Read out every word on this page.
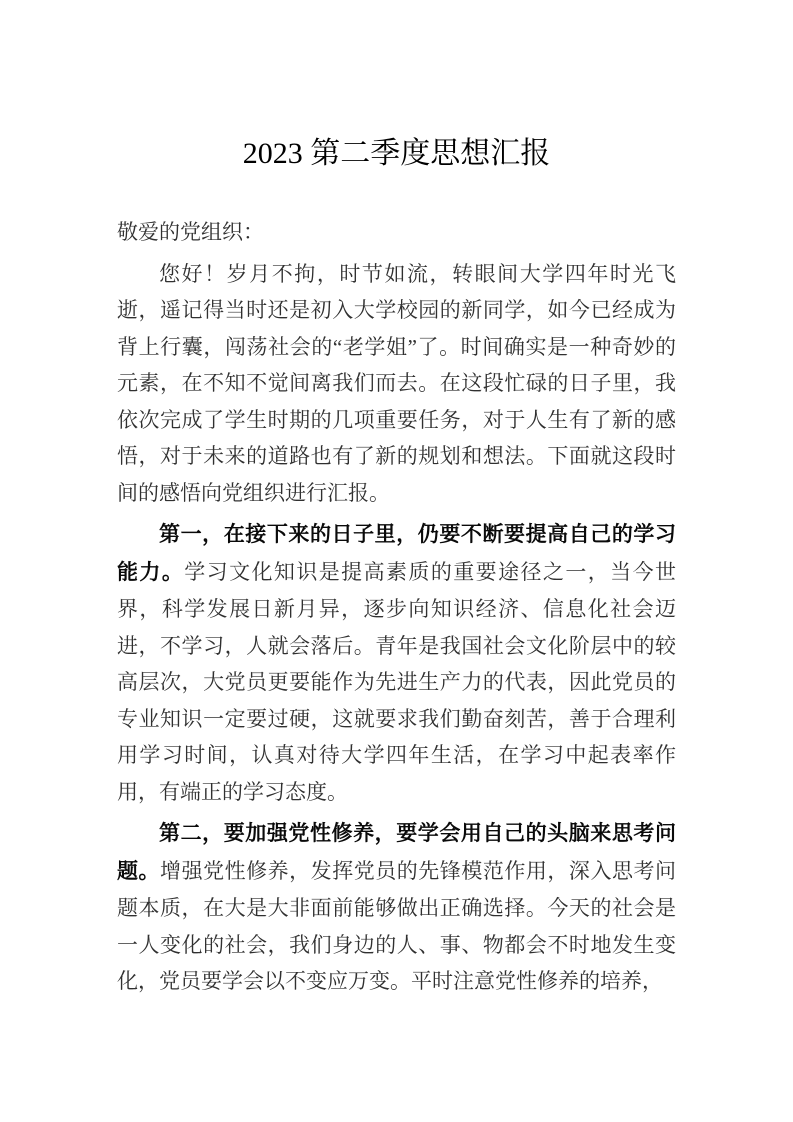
2023 第二季度思想汇报

敬爱的党组织：

您好！岁月不拘，时节如流，转眼间大学四年时光飞逝，遥记得当时还是初入大学校园的新同学，如今已经成为背上行囊，闯荡社会的“老学姐”了。时间确实是一种奇妙的元素，在不知不觉间离我们而去。在这段忙碌的日子里，我依次完成了学生时期的几项重要任务，对于人生有了新的感悟，对于未来的道路也有了新的规划和想法。下面就这段时间的感悟向党组织进行汇报。

第一，在接下来的日子里，仍要不断要提高自己的学习能力。学习文化知识是提高素质的重要途径之一，当今世界，科学发展日新月异，逐步向知识经济、信息化社会迈进，不学习，人就会落后。青年是我国社会文化阶层中的较高层次，大党员更要能作为先进生产力的代表，因此党员的专业知识一定要过硬，这就要求我们勤奋刻苦，善于合理利用学习时间，认真对待大学四年生活，在学习中起表率作用，有端正的学习态度。

第二，要加强党性修养，要学会用自己的头脑来思考问题。增强党性修养，发挥党员的先锋模范作用，深入思考问题本质，在大是大非面前能够做出正确选择。今天的社会是一人变化的社会，我们身边的人、事、物都会不时地发生变化，党员要学会以不变应万变。平时注意党性修养的培养，
